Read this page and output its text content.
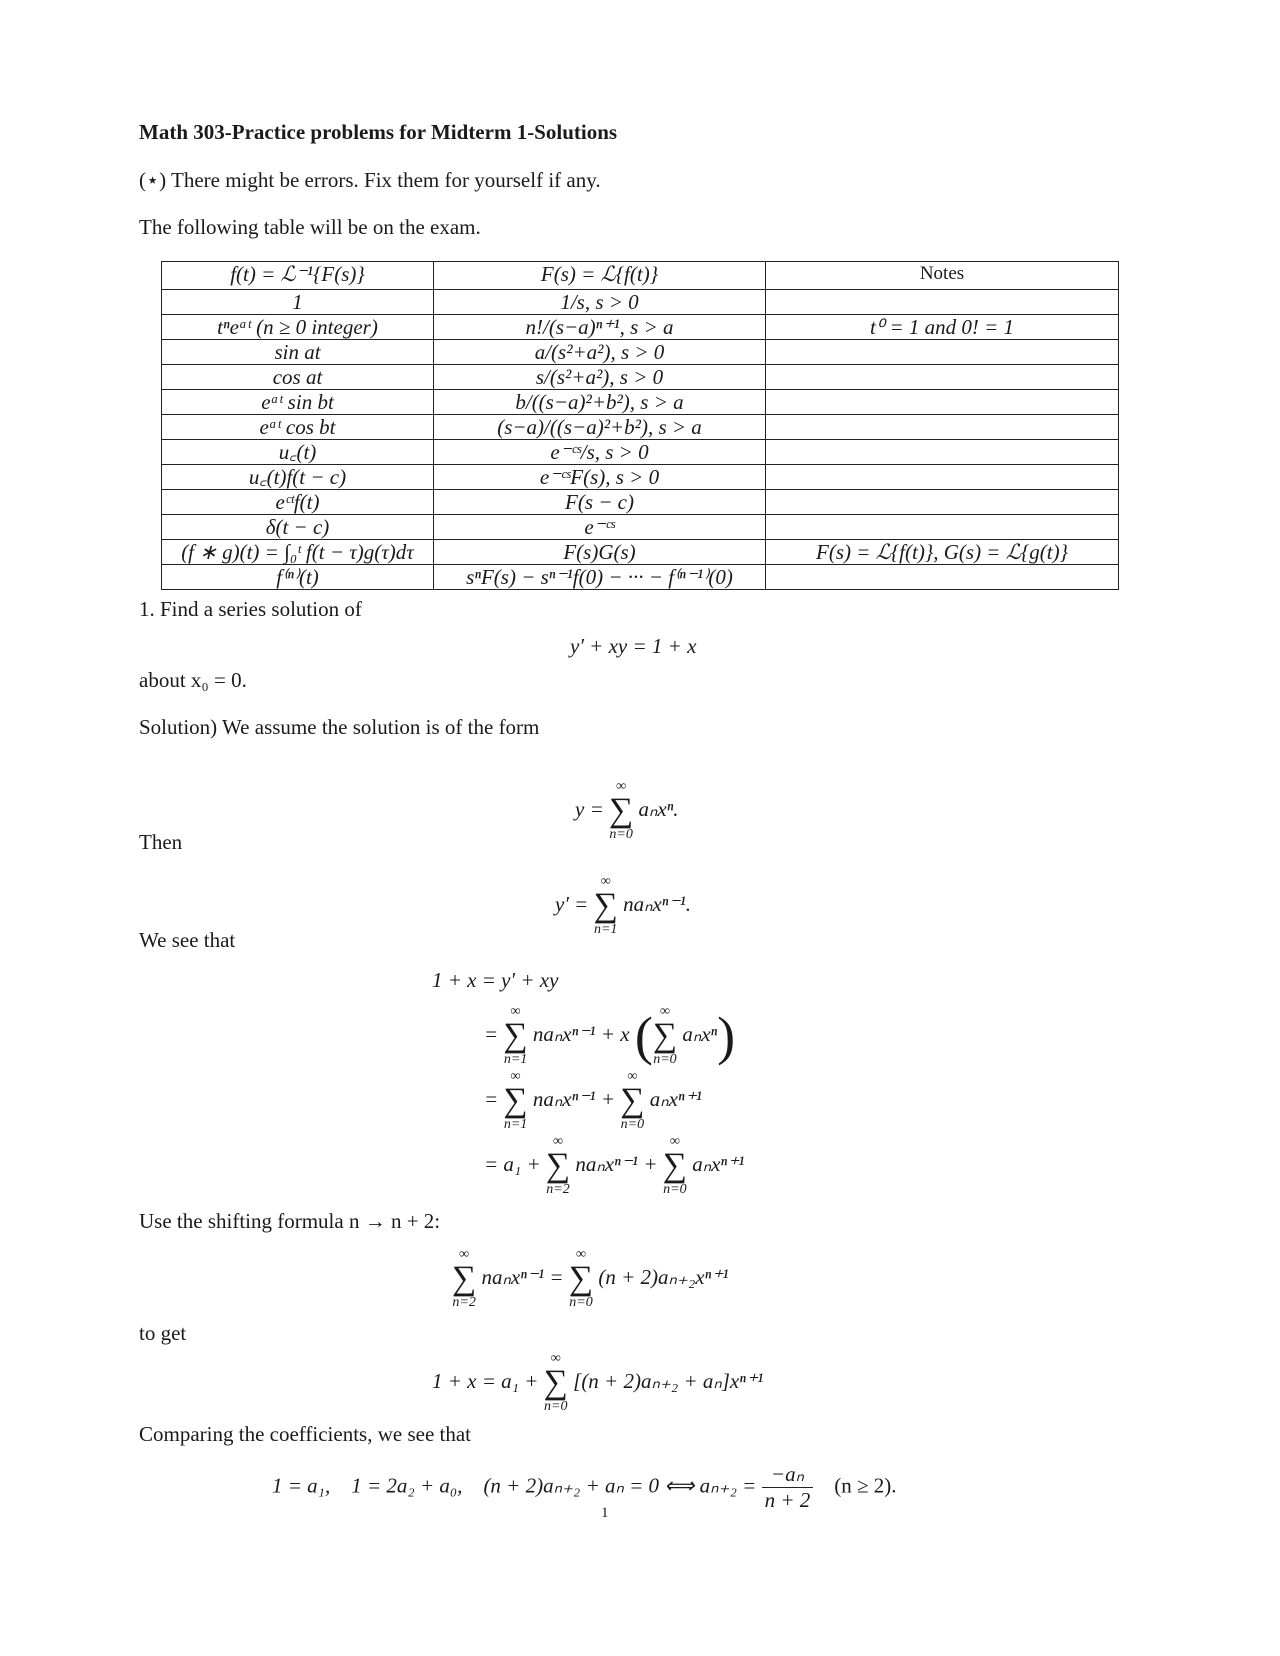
Math 303-Practice problems for Midterm 1-Solutions
(⋆) There might be errors. Fix them for yourself if any.
The following table will be on the exam.
f(t) = ℒ⁻¹{F(s)}	F(s) = ℒ{f(t)}	Notes

1	1/s, s > 0	
tⁿeᵃᵗ (n ≥ 0 integer)	n!/(s−a)ⁿ⁺¹, s > a	t⁰ = 1 and 0! = 1
sin at	a/(s²+a²), s > 0	
cos at	s/(s²+a²), s > 0	
eᵃᵗ sin bt	b/((s−a)²+b²), s > a	
eᵃᵗ cos bt	(s−a)/((s−a)²+b²), s > a	
u꜀(t)	e⁻ᶜˢ/s, s > 0	
u꜀(t)f(t − c)	e⁻ᶜˢF(s), s > 0	
eᶜᵗf(t)	F(s − c)	
δ(t − c)	e⁻ᶜˢ	
(f ∗ g)(t) = ∫₀ᵗ f(t − τ)g(τ)dτ	F(s)G(s)	F(s) = ℒ{f(t)}, G(s) = ℒ{g(t)}
f⁽ⁿ⁾(t)	sⁿF(s) − sⁿ⁻¹f(0) − ··· − f⁽ⁿ⁻¹⁾(0)	
1. Find a series solution of
y′ + xy = 1 + x
about x₀ = 0.
Solution) We assume the solution is of the form
y =
∞
∑
n=0
aₙxⁿ.
Then
y′ =
∞
∑
n=1
naₙxⁿ⁻¹.
We see that
1 + x = y′ + xy
=
∞
∑
n=1
naₙxⁿ⁻¹ + x ( ∞
∑
n=0
aₙxⁿ)
=
∞
∑
n=1
naₙxⁿ⁻¹ +
∞
∑
n=0
aₙxⁿ⁺¹
= a₁ +
∞
∑
n=2
naₙxⁿ⁻¹ +
∞
∑
n=0
aₙxⁿ⁺¹
Use the shifting formula n → n + 2:
∞
∑
n=2
naₙxⁿ⁻¹ =
∞
∑
n=0
(n + 2)aₙ₊₂xⁿ⁺¹
to get
1 + x = a₁ +
∞
∑
n=0
[(n + 2)aₙ₊₂ + aₙ]xⁿ⁺¹
Comparing the coefficients, we see that
1 = a₁, 1 = 2a₂ + a₀, (n + 2)aₙ₊₂ + aₙ = 0 ⟺ $a_{n+2} = \frac{\text{−aₙ}}{n + 2} (n \ge 2)$.
1
